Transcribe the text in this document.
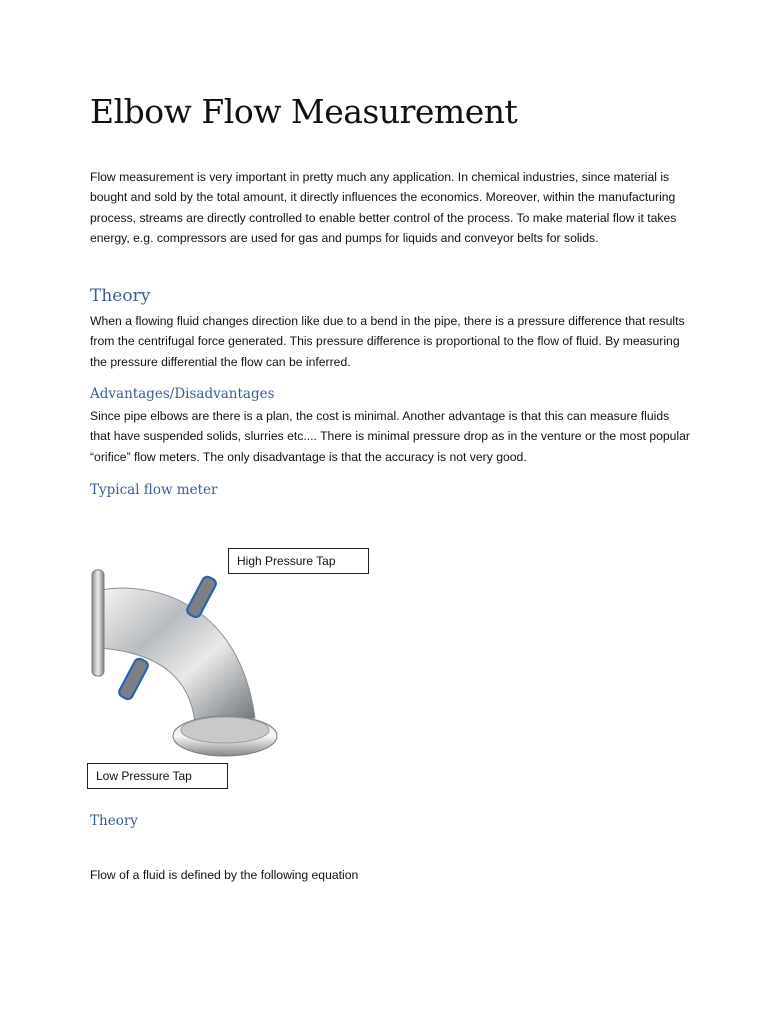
Elbow Flow Measurement

Flow measurement is very important in pretty much any application. In chemical industries, since material is bought and sold by the total amount, it directly influences the economics. Moreover, within the manufacturing process, streams are directly controlled to enable better control of the process. To make material flow it takes energy, e.g. compressors are used for gas and pumps for liquids and conveyor belts for solids.

Theory

When a flowing fluid changes direction like due to a bend in the pipe, there is a pressure difference that results from the centrifugal force generated. This pressure difference is proportional to the flow of fluid. By measuring the pressure differential the flow can be inferred.

Advantages/Disadvantages

Since pipe elbows are there is a plan, the cost is minimal. Another advantage is that this can measure fluids that have suspended solids, slurries etc.... There is minimal pressure drop as in the venture or the most popular “orifice” flow meters. The only disadvantage is that the accuracy is not very good.

Typical flow meter
High Pressure Tap
Low Pressure Tap
Theory

Flow of a fluid is defined by the following equation
